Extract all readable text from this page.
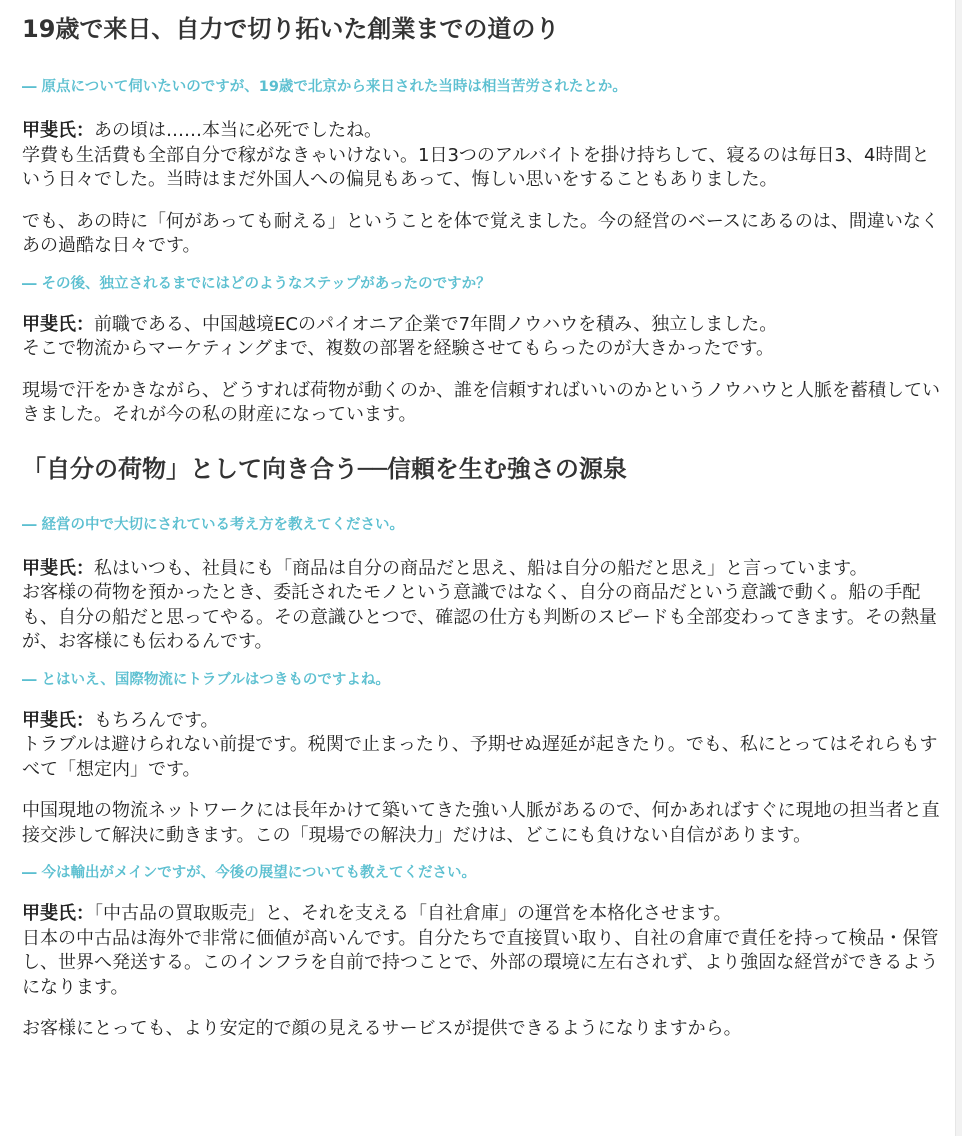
19歳で来日、自力で切り拓いた創業までの道のり

― 原点について伺いたいのですが、19歳で北京から来日された当時は相当苦労されたとか。

甲斐氏：あの頃は……本当に必死でしたね。
学費も生活費も全部自分で稼がなきゃいけない。1日3つのアルバイトを掛け持ちして、寝るのは毎日3、4時間という日々でした。当時はまだ外国人への偏見もあって、悔しい思いをすることもありました。

でも、あの時に「何があっても耐える」ということを体で覚えました。今の経営のベースにあるのは、間違いなくあの過酷な日々です。

― その後、独立されるまでにはどのようなステップがあったのですか？

甲斐氏：前職である、中国越境ECのパイオニア企業で7年間ノウハウを積み、独立しました。
そこで物流からマーケティングまで、複数の部署を経験させてもらったのが大きかったです。

現場で汗をかきながら、どうすれば荷物が動くのか、誰を信頼すればいいのかというノウハウと人脈を蓄積していきました。それが今の私の財産になっています。

「自分の荷物」として向き合う──信頼を生む強さの源泉

― 経営の中で大切にされている考え方を教えてください。

甲斐氏：私はいつも、社員にも「商品は自分の商品だと思え、船は自分の船だと思え」と言っています。
お客様の荷物を預かったとき、委託されたモノという意識ではなく、自分の商品だという意識で動く。船の手配も、自分の船だと思ってやる。その意識ひとつで、確認の仕方も判断のスピードも全部変わってきます。その熱量が、お客様にも伝わるんです。

― とはいえ、国際物流にトラブルはつきものですよね。

甲斐氏：もちろんです。
トラブルは避けられない前提です。税関で止まったり、予期せぬ遅延が起きたり。でも、私にとってはそれらもすべて「想定内」です。

中国現地の物流ネットワークには長年かけて築いてきた強い人脈があるので、何かあればすぐに現地の担当者と直接交渉して解決に動きます。この「現場での解決力」だけは、どこにも負けない自信があります。

― 今は輸出がメインですが、今後の展望についても教えてください。

甲斐氏：「中古品の買取販売」と、それを支える「自社倉庫」の運営を本格化させます。
日本の中古品は海外で非常に価値が高いんです。自分たちで直接買い取り、自社の倉庫で責任を持って検品・保管し、世界へ発送する。このインフラを自前で持つことで、外部の環境に左右されず、より強固な経営ができるようになります。

お客様にとっても、より安定的で顔の見えるサービスが提供できるようになりますから。
